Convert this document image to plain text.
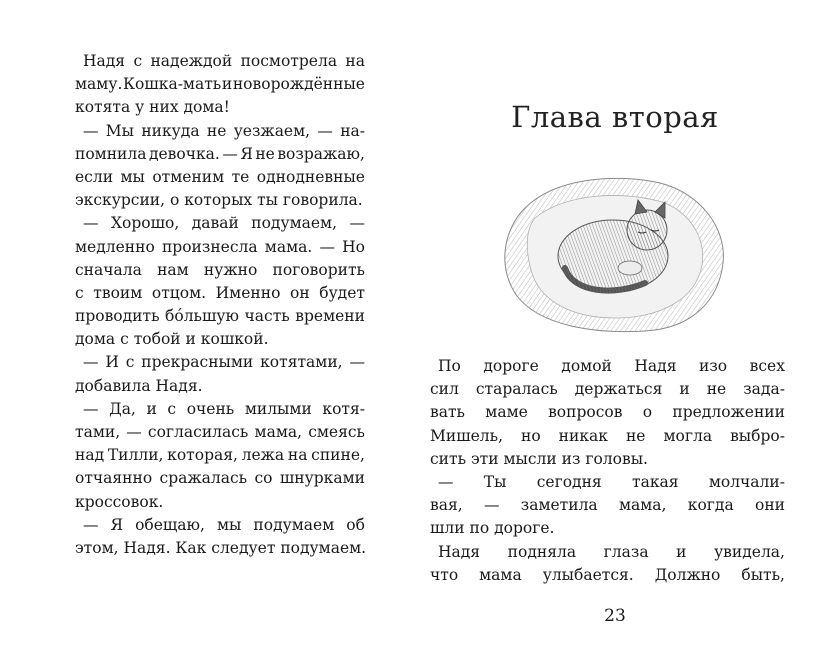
Надя с надеждой посмотрела на
маму. Кошка-мать и новорождённые
котята у них дома!
— Мы никуда не уезжаем, — на-
помнила девочка. — Я не возражаю,
если мы отменим те однодневные
экскурсии, о которых ты говорила.
— Хорошо, давай подумаем, —
медленно произнесла мама. — Но
сначала нам нужно поговорить
с твоим отцом. Именно он будет
проводить бóльшую часть времени
дома с тобой и кошкой.
— И с прекрасными котятами, —
добавила Надя.
— Да, и с очень милыми котя-
тами, — согласилась мама, смеясь
над Тилли, которая, лежа на спине,
отчаянно сражалась со шнурками
кроссовок.
— Я обещаю, мы подумаем об
этом, Надя. Как следует подумаем.
Глава вторая
По дороге домой Надя изо всех
сил старалась держаться и не зада-
вать маме вопросов о предложении
Мишель, но никак не могла выбро-
сить эти мысли из головы.
— Ты сегодня такая молчали-
вая, — заметила мама, когда они
шли по дороге.
Надя подняла глаза и увидела,
что мама улыбается. Должно быть,
23
